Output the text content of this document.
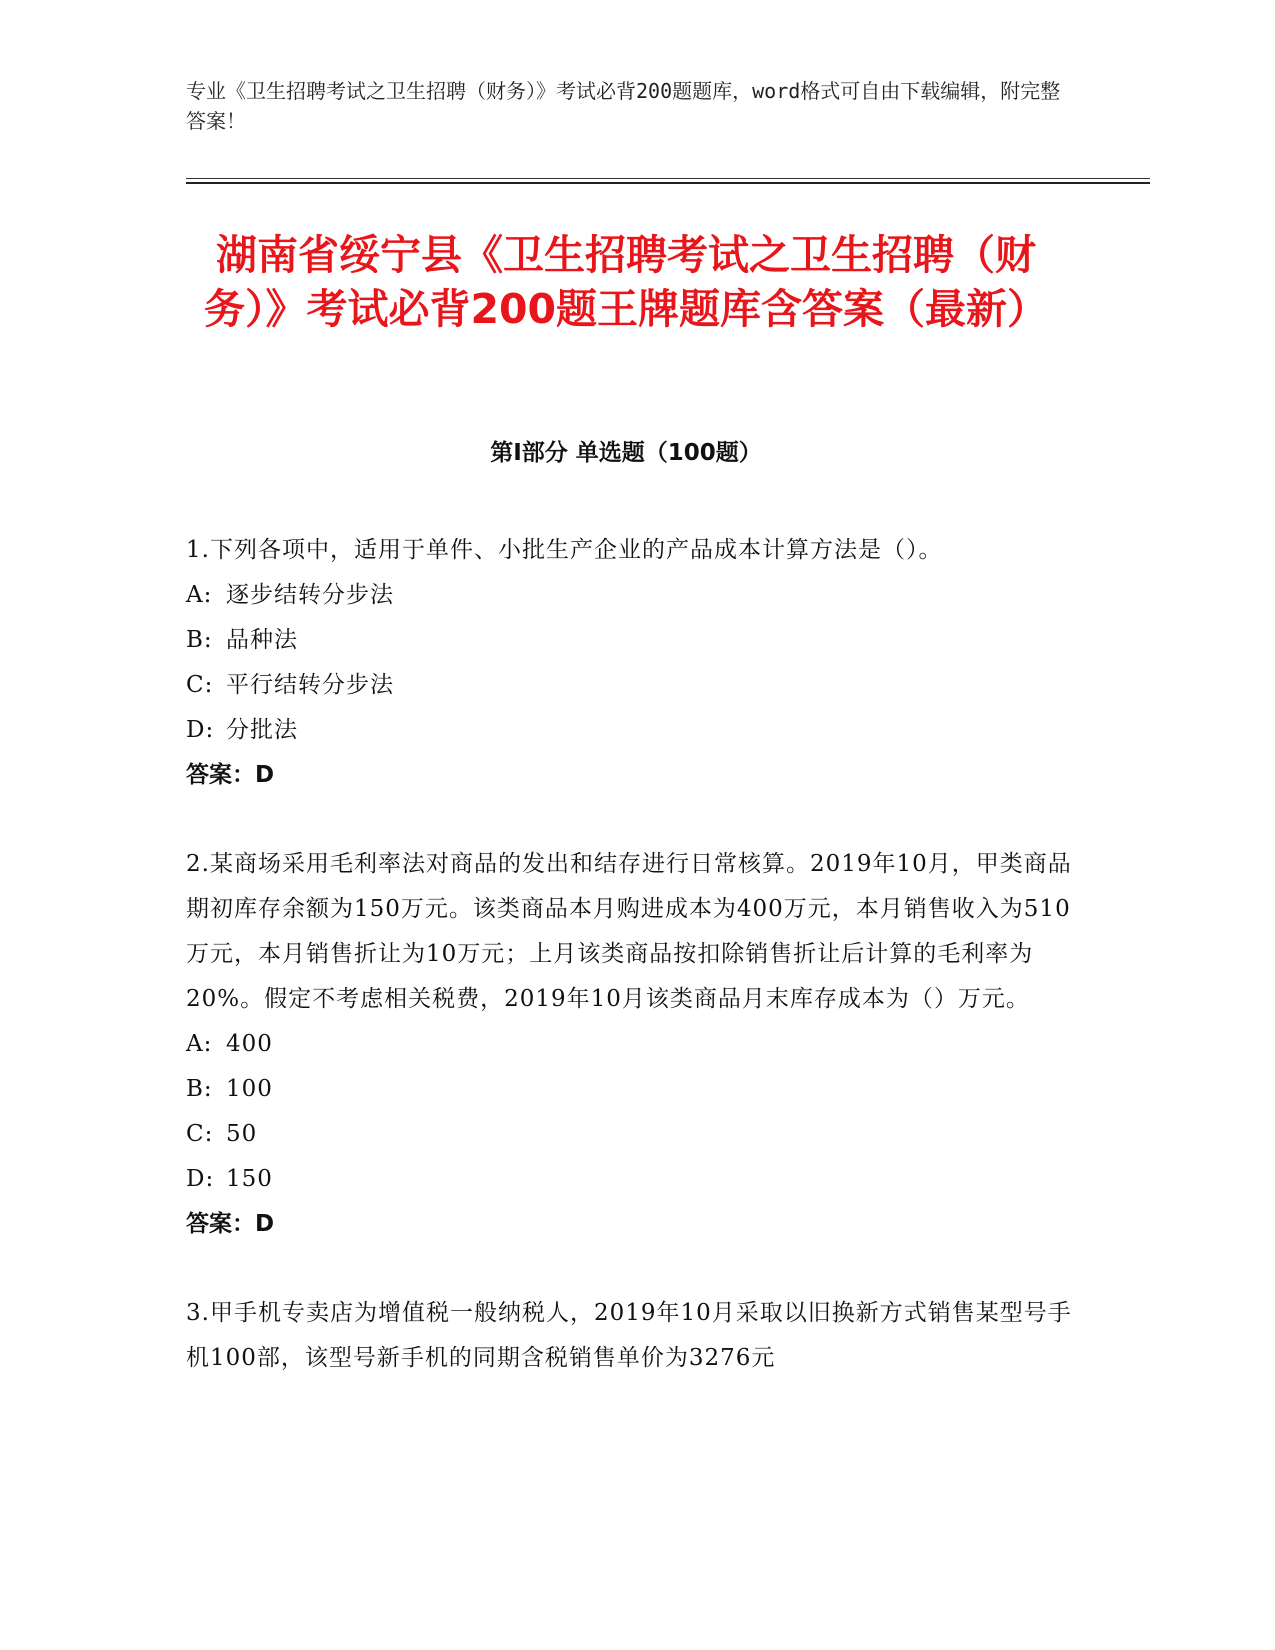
专业《卫生招聘考试之卫生招聘（财务）》考试必背200题题库，word格式可自由下载编辑，附完整答案！
湖南省绥宁县《卫生招聘考试之卫生招聘（财务）》考试必背200题王牌题库含答案（最新）
第I部分 单选题（100题）

1.下列各项中，适用于单件、小批生产企业的产品成本计算方法是（）。

A: 逐步结转分步法

B: 品种法

C: 平行结转分步法

D: 分批法

答案：D

2.某商场采用毛利率法对商品的发出和结存进行日常核算。2019年10月，甲类商品期初库存余额为150万元。该类商品本月购进成本为400万元，本月销售收入为510万元，本月销售折让为10万元；上月该类商品按扣除销售折让后计算的毛利率为20%。假定不考虑相关税费，2019年10月该类商品月末库存成本为（）万元。

A: 400

B: 100

C: 50

D: 150

答案：D

3.甲手机专卖店为增值税一般纳税人，2019年10月采取以旧换新方式销售某型号手机100部，该型号新手机的同期含税销售单价为3276元
